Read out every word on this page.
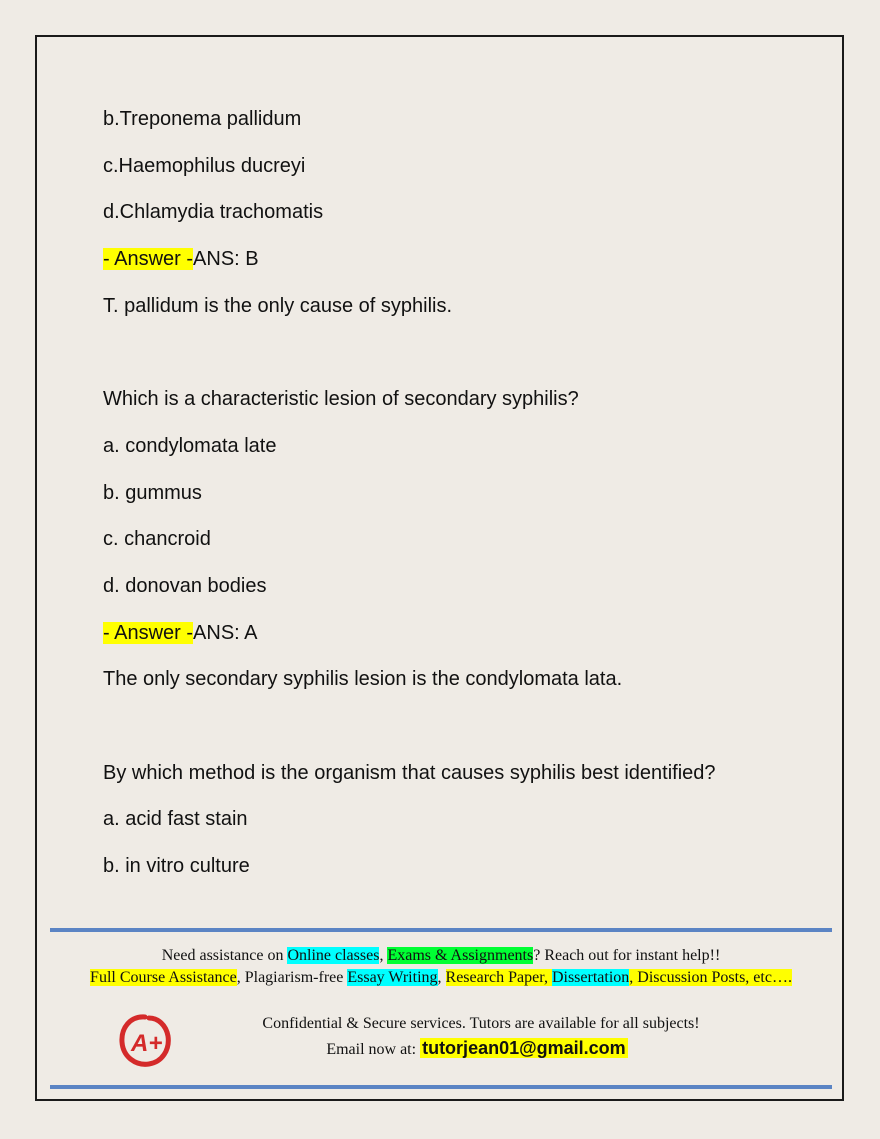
b.Treponema pallidum
c.Haemophilus ducreyi
d.Chlamydia trachomatis
- Answer -ANS: B
T. pallidum is the only cause of syphilis.
Which is a characteristic lesion of secondary syphilis?
a. condylomata late
b. gummus
c. chancroid
d. donovan bodies
- Answer -ANS: A
The only secondary syphilis lesion is the condylomata lata.
By which method is the organism that causes syphilis best identified?
a. acid fast stain
b. in vitro culture
Need assistance on Online classes, Exams & Assignments? Reach out for instant help!!
Full Course Assistance, Plagiarism-free Essay Writing, Research Paper, Dissertation, Discussion Posts, etc….
A+
Confidential & Secure services. Tutors are available for all subjects!
Email now at: tutorjean01@gmail.com
